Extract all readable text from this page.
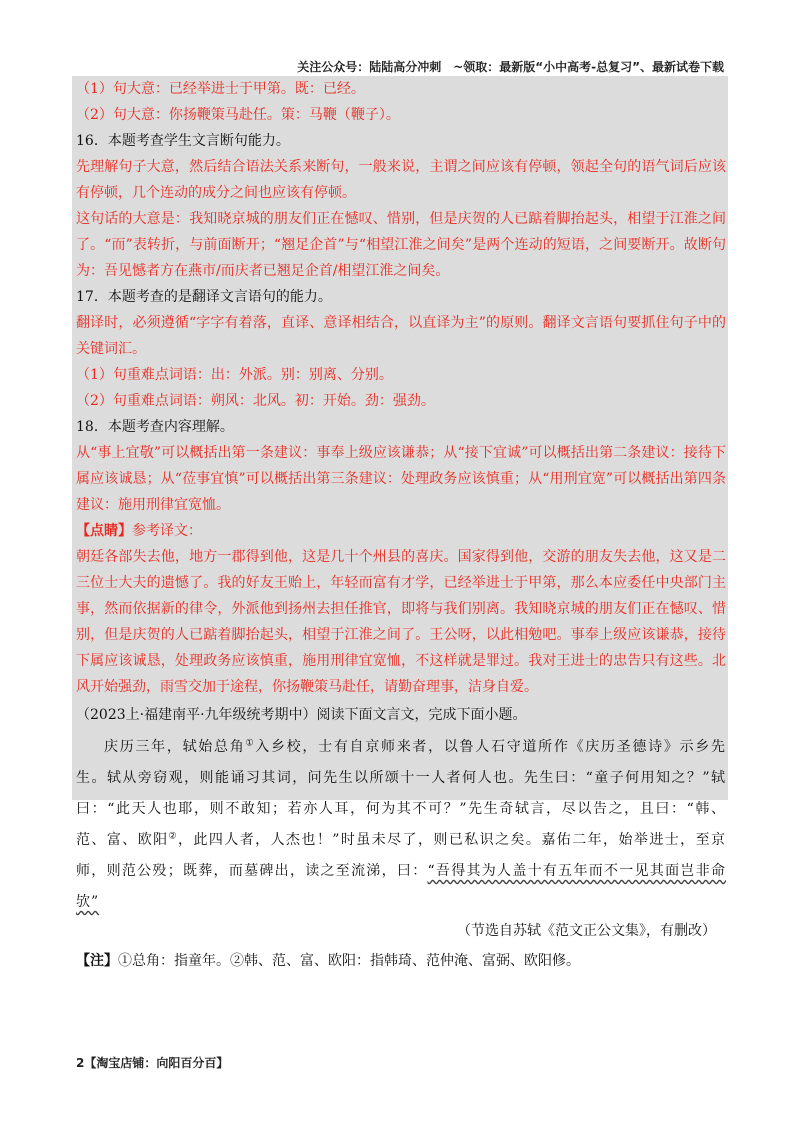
关注公众号：陆陆高分冲刺　~领取：最新版“小中高考-总复习”、最新试卷下载

（1）句大意：已经举进士于甲第。既：已经。

（2）句大意：你扬鞭策马赴任。策：马鞭（鞭子）。

16．本题考查学生文言断句能力。

先理解句子大意，然后结合语法关系来断句，一般来说，主谓之间应该有停顿，领起全句的语气词后应该有停顿，几个连动的成分之间也应该有停顿。

这句话的大意是：我知晓京城的朋友们正在憾叹、惜别，但是庆贺的人已踮着脚抬起头，相望于江淮之间了。“而”表转折，与前面断开；“翘足企首”与“相望江淮之间矣”是两个连动的短语，之间要断开。故断句为：吾见憾者方在燕市/而庆者已翘足企首/相望江淮之间矣。

17．本题考查的是翻译文言语句的能力。

翻译时，必须遵循“字字有着落，直译、意译相结合，以直译为主”的原则。翻译文言语句要抓住句子中的关键词汇。

（1）句重难点词语：出：外派。别：别离、分别。

（2）句重难点词语：朔风：北风。初：开始。劲：强劲。

18．本题考查内容理解。

从“事上宜敬”可以概括出第一条建议：事奉上级应该谦恭；从“接下宜诚”可以概括出第二条建议：接待下属应该诚恳；从“莅事宜慎”可以概括出第三条建议：处理政务应该慎重；从“用刑宜宽”可以概括出第四条建议：施用刑律宜宽恤。

【点睛】参考译文：

朝廷各部失去他，地方一郡得到他，这是几十个州县的喜庆。国家得到他，交游的朋友失去他，这又是二三位士大夫的遗憾了。我的好友王贻上，年轻而富有才学，已经举进士于甲第，那么本应委任中央部门主事，然而依据新的律令，外派他到扬州去担任推官，即将与我们别离。我知晓京城的朋友们正在憾叹、惜别，但是庆贺的人已踮着脚抬起头，相望于江淮之间了。王公呀，以此相勉吧。事奉上级应该谦恭，接待下属应该诚恳，处理政务应该慎重，施用刑律宜宽恤，不这样就是罪过。我对王进士的忠告只有这些。北风开始强劲，雨雪交加于途程，你扬鞭策马赴任，请勤奋理事，洁身自爱。

（2023上·福建南平·九年级统考期中）阅读下面文言文，完成下面小题。

庆历三年，轼始总角①入乡校，士有自京师来者，以鲁人石守道所作《庆历圣德诗》示乡先生。轼从旁窃观，则能诵习其词，问先生以所颂十一人者何人也。先生曰：“童子何用知之？”轼曰：“此天人也耶，则不敢知；若亦人耳，何为其不可？”先生奇轼言，尽以告之，且曰：“韩、范、富、欧阳②，此四人者，人杰也！”时虽未尽了，则已私识之矣。嘉佑二年，始举进士，至京师，则范公殁；既葬，而墓碑出，读之至流涕，曰：“吾得其为人盖十有五年而不一见其面岂非命欤”

（节选自苏轼《范文正公文集》，有删改）

【注】①总角：指童年。②韩、范、富、欧阳：指韩琦、范仲淹、富弼、欧阳修。

2【淘宝店铺：向阳百分百】
